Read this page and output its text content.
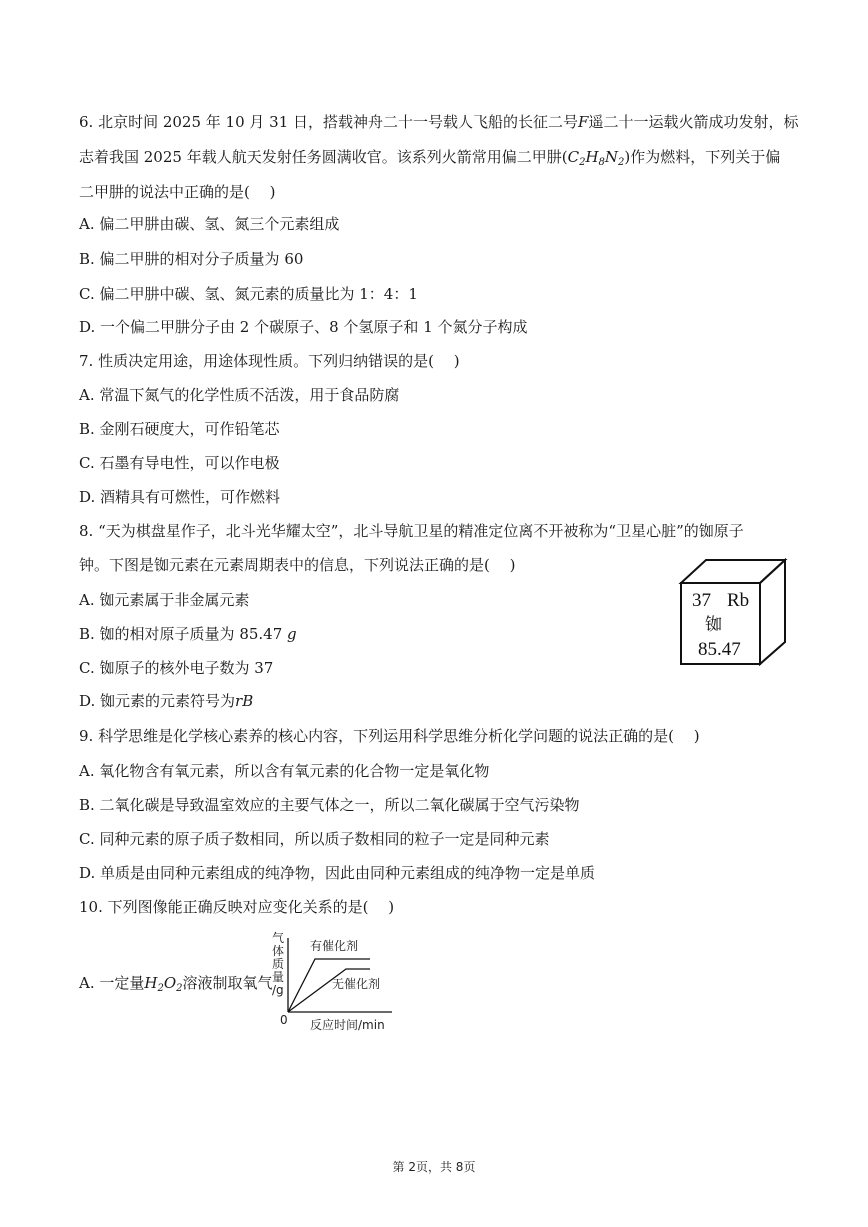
6. 北京时间 2025 年 10 月 31 日，搭载神舟二十一号载人飞船的长征二号F遥二十一运载火箭成功发射，标
志着我国 2025 年载人航天发射任务圆满收官。该系列火箭常用偏二甲肼$(C_2H_8N_2)$作为燃料，下列关于偏
二甲肼的说法中正确的是(　 )
A. 偏二甲肼由碳、氢、氮三个元素组成
B. 偏二甲肼的相对分子质量为 60
C. 偏二甲肼中碳、氢、氮元素的质量比为 1：4：1
D. 一个偏二甲肼分子由 2 个碳原子、8 个氢原子和 1 个氮分子构成
7. 性质决定用途，用途体现性质。下列归纳错误的是(　 )
A. 常温下氮气的化学性质不活泼，用于食品防腐
B. 金刚石硬度大，可作铅笔芯
C. 石墨有导电性，可以作电极
D. 酒精具有可燃性，可作燃料
8. “天为棋盘星作子，北斗光华耀太空”，北斗导航卫星的精准定位离不开被称为“卫星心脏”的铷原子
钟。下图是铷元素在元素周期表中的信息，下列说法正确的是(　 )
A. 铷元素属于非金属元素
B. 铷的相对原子质量为 85.47 g
C. 铷原子的核外电子数为 37
D. 铷元素的元素符号为rB
37 Rb
铷
85.47
9. 科学思维是化学核心素养的核心内容，下列运用科学思维分析化学问题的说法正确的是(　 )
A. 氧化物含有氧元素，所以含有氧元素的化合物一定是氧化物
B. 二氧化碳是导致温室效应的主要气体之一，所以二氧化碳属于空气污染物
C. 同种元素的原子质子数相同，所以质子数相同的粒子一定是同种元素
D. 单质是由同种元素组成的纯净物，因此由同种元素组成的纯净物一定是单质
10. 下列图像能正确反映对应变化关系的是(　 )
A. 一定量$H_2O_2$溶液制取氧气
气
体
质
量
/g
0 反应时间/min
有催化剂
无催化剂
第 2页，共 8页
